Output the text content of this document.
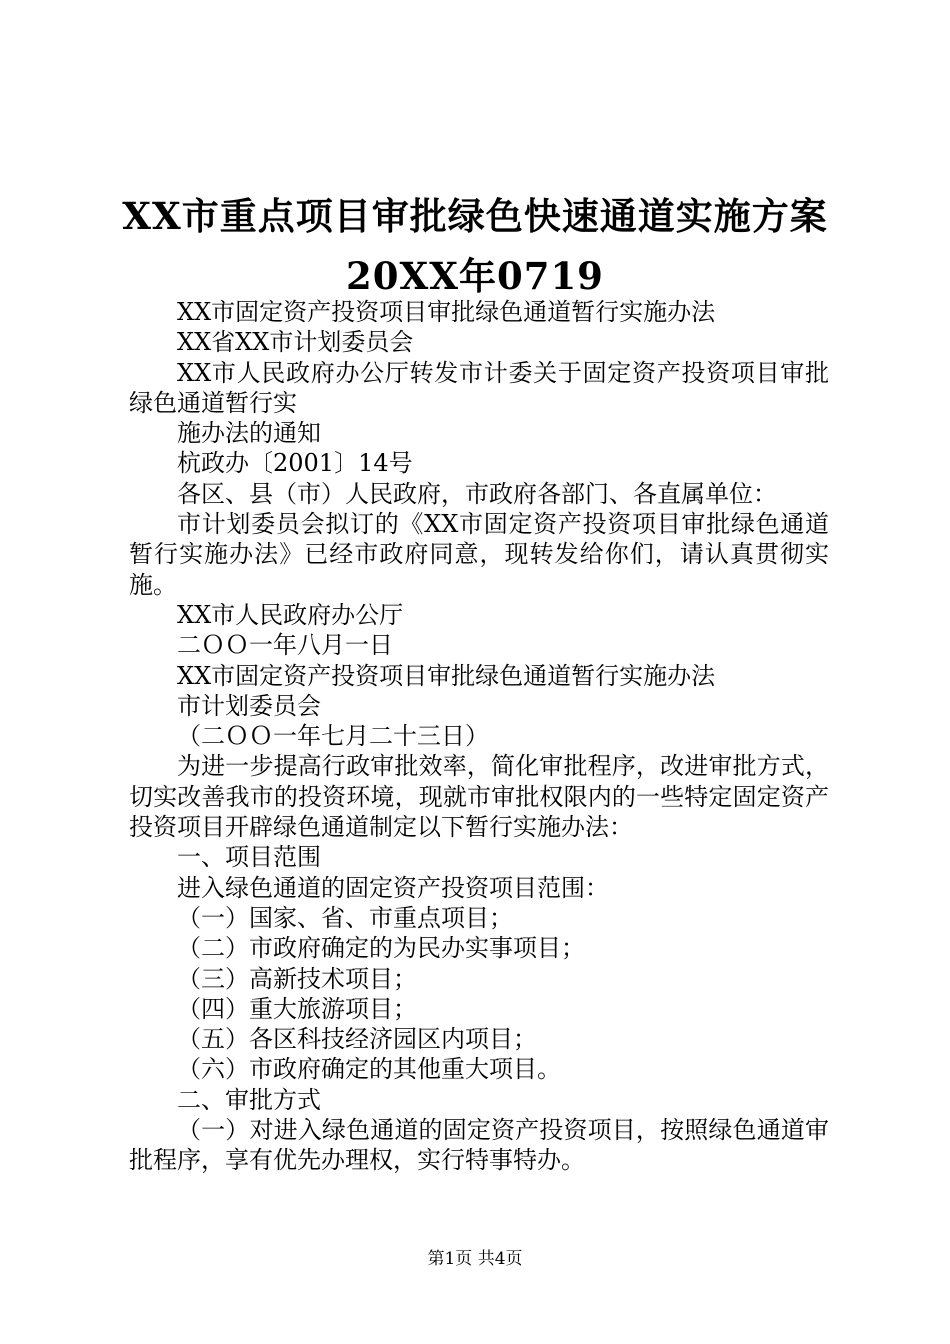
XX市重点项目审批绿色快速通道实施方案
20XX年0719

XX市固定资产投资项目审批绿色通道暂行实施办法

XX省XX市计划委员会

XX市人民政府办公厅转发市计委关于固定资产投资项目审批绿色通道暂行实

施办法的通知

杭政办〔2001〕14号

各区、县（市）人民政府，市政府各部门、各直属单位：

市计划委员会拟订的《XX市固定资产投资项目审批绿色通道暂行实施办法》已经市政府同意，现转发给你们，请认真贯彻实施。

XX市人民政府办公厅

二ＯＯ一年八月一日

XX市固定资产投资项目审批绿色通道暂行实施办法

市计划委员会

（二ＯＯ一年七月二十三日）

为进一步提高行政审批效率，简化审批程序，改进审批方式，切实改善我市的投资环境，现就市审批权限内的一些特定固定资产投资项目开辟绿色通道制定以下暂行实施办法：

一、项目范围

进入绿色通道的固定资产投资项目范围：

（一）国家、省、市重点项目；

（二）市政府确定的为民办实事项目；

（三）高新技术项目；

（四）重大旅游项目；

（五）各区科技经济园区内项目；

（六）市政府确定的其他重大项目。

二、审批方式

（一）对进入绿色通道的固定资产投资项目，按照绿色通道审批程序，享有优先办理权，实行特事特办。

第1页 共4页
